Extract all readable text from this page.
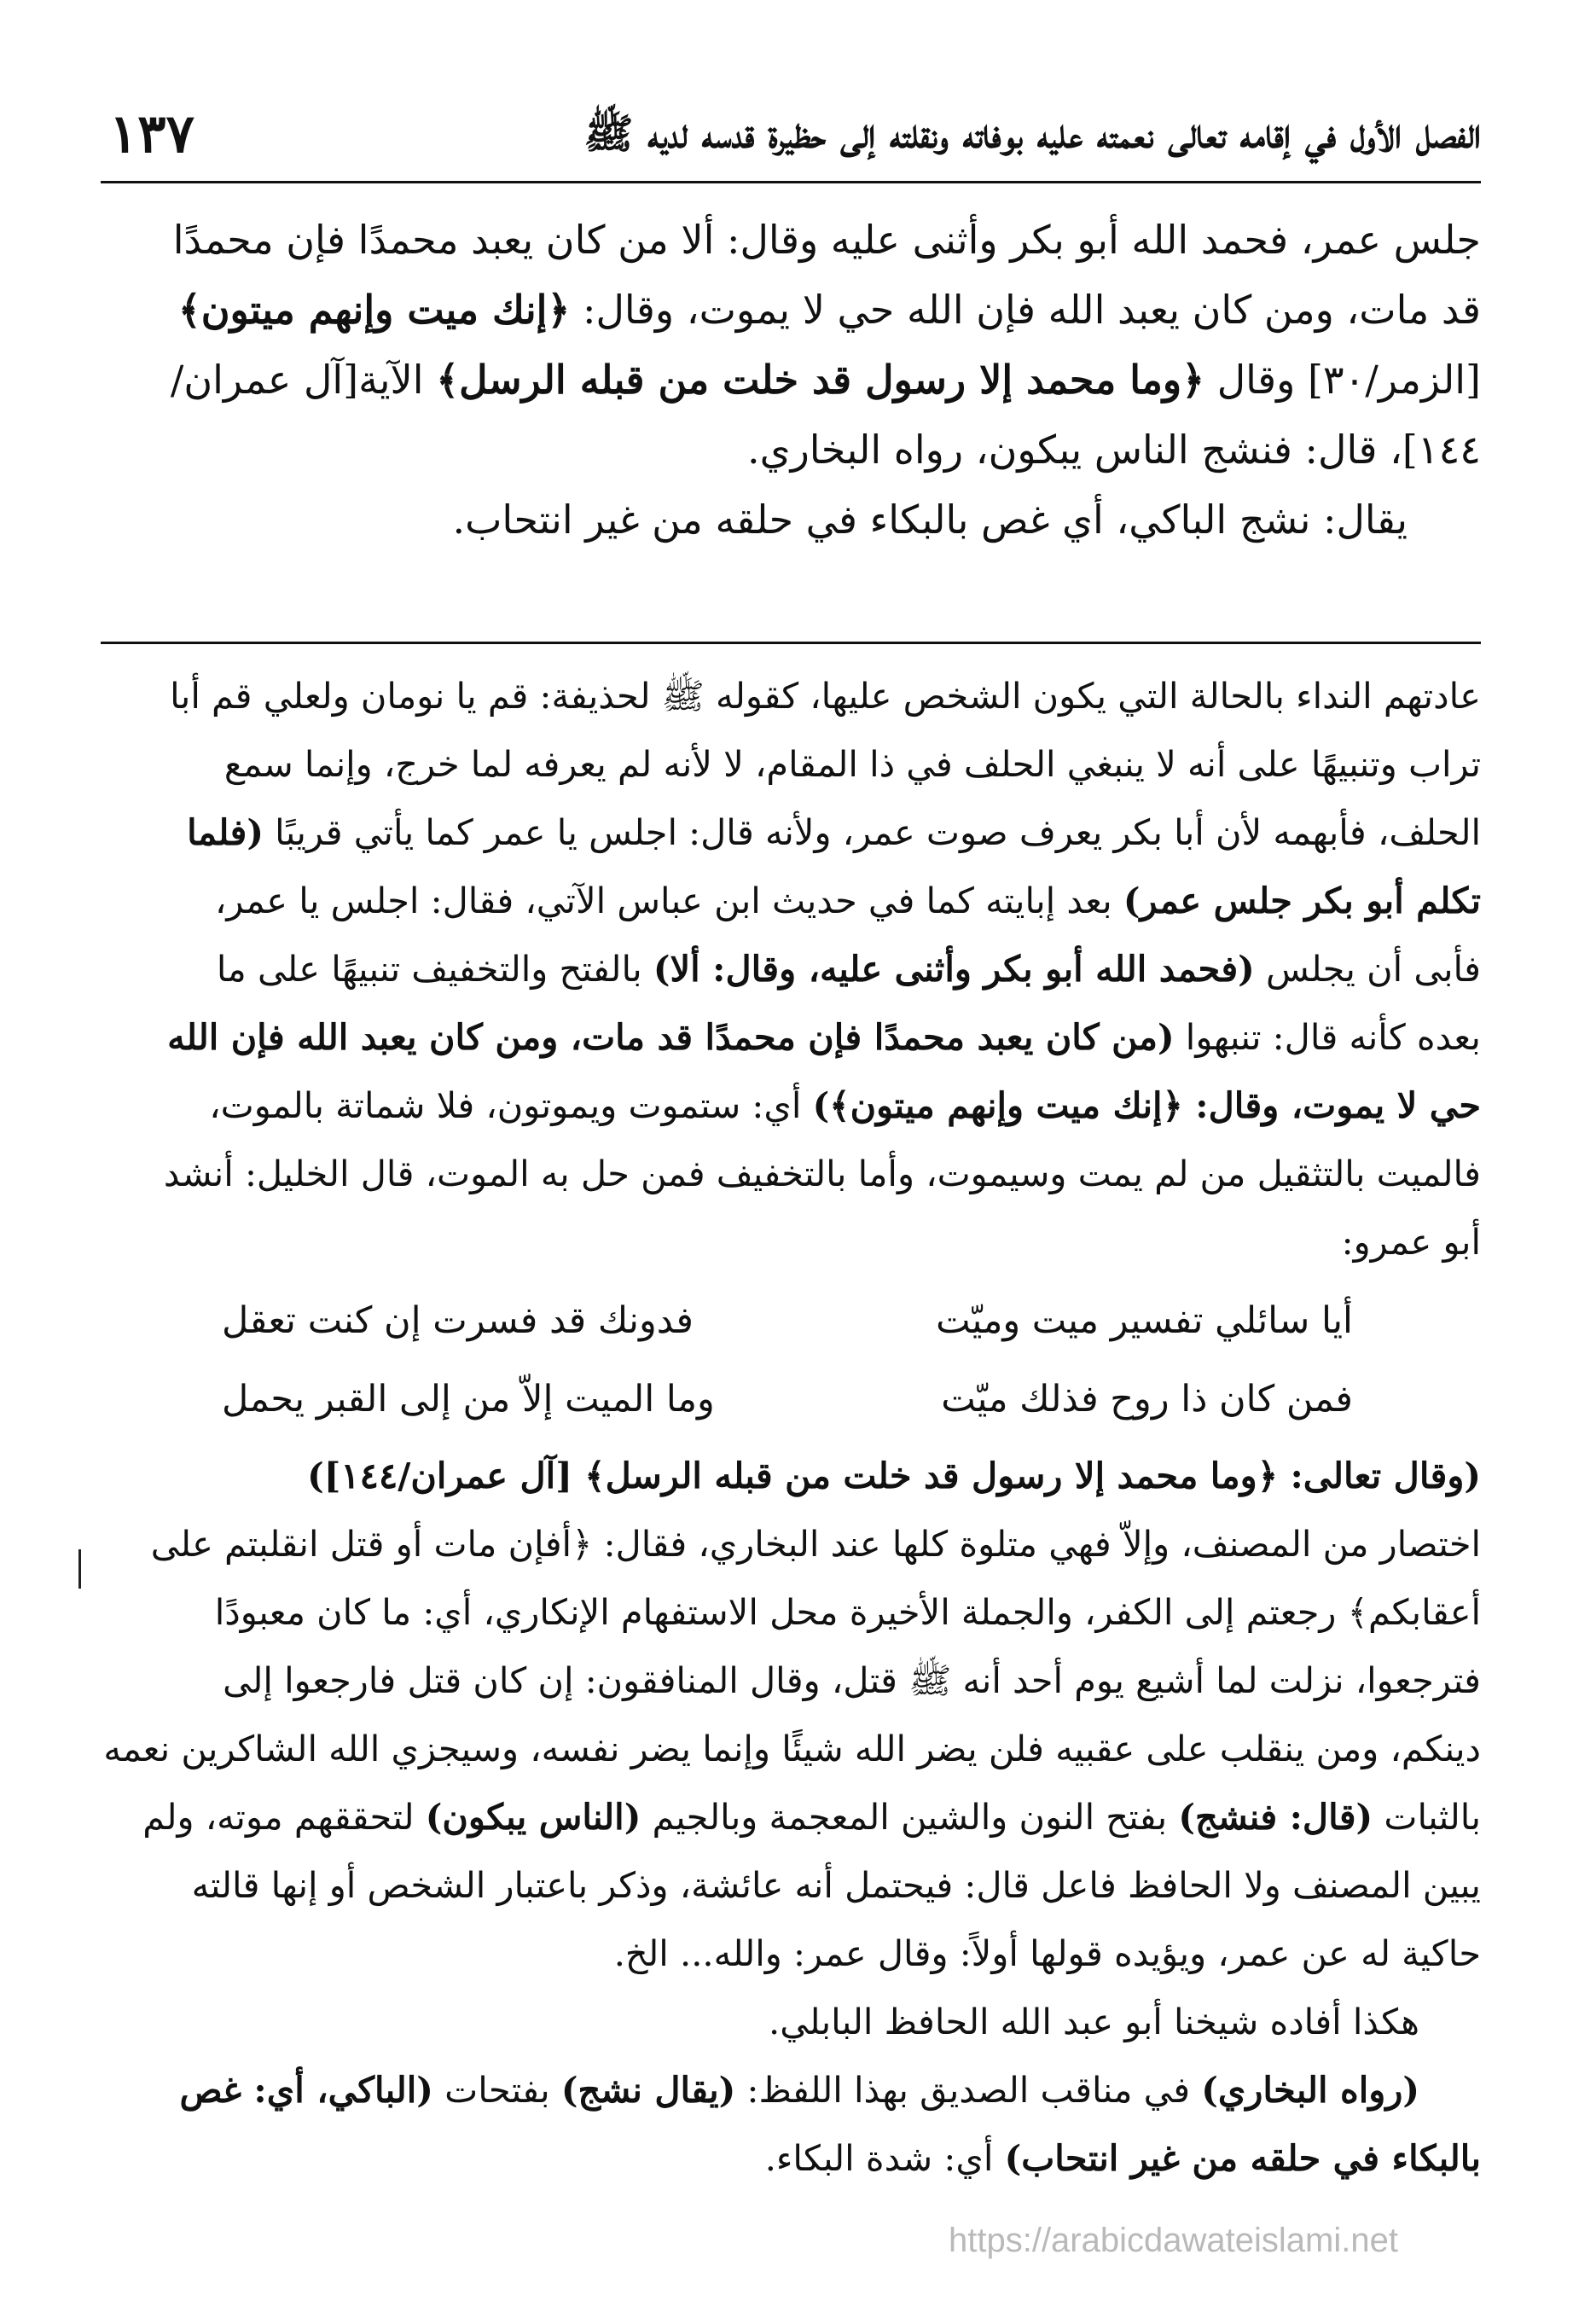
الفصل الأول في إقامه تعالى نعمته عليه بوفاته ونقلته إلى حظيرة قدسه لديه ﷺ
١٣٧

جلس عمر، فحمد الله أبو بكر وأثنى عليه وقال: ألا من كان يعبد محمدًا فإن محمدًا

قد مات، ومن كان يعبد الله فإن الله حي لا يموت، وقال: ﴿إنك ميت وإنهم ميتون﴾

[الزمر/٣٠] وقال ﴿وما محمد إلا رسول قد خلت من قبله الرسل﴾ الآية[آل عمران/

١٤٤]، قال: فنشج الناس يبكون، رواه البخاري.

يقال: نشج الباكي، أي غص بالبكاء في حلقه من غير انتحاب.

عادتهم النداء بالحالة التي يكون الشخص عليها، كقوله ﷺ لحذيفة: قم يا نومان ولعلي قم أبا

تراب وتنبيهًا على أنه لا ينبغي الحلف في ذا المقام، لا لأنه لم يعرفه لما خرج، وإنما سمع

الحلف، فأبهمه لأن أبا بكر يعرف صوت عمر، ولأنه قال: اجلس يا عمر كما يأتي قريبًا (فلما

تكلم أبو بكر جلس عمر) بعد إبايته كما في حديث ابن عباس الآتي، فقال: اجلس يا عمر،

فأبى أن يجلس (فحمد الله أبو بكر وأثنى عليه، وقال: ألا) بالفتح والتخفيف تنبيهًا على ما

بعده كأنه قال: تنبهوا (من كان يعبد محمدًا فإن محمدًا قد مات، ومن كان يعبد الله فإن الله

حي لا يموت، وقال: ﴿إنك ميت وإنهم ميتون﴾) أي: ستموت ويموتون، فلا شماتة بالموت،

فالميت بالتثقيل من لم يمت وسيموت، وأما بالتخفيف فمن حل به الموت، قال الخليل: أنشد

أبو عمرو:

أيا سائلي تفسير ميت وميّت
فدونك قد فسرت إن كنت تعقل
فمن كان ذا روح فذلك ميّت
وما الميت إلاّ من إلى القبر يحمل

(وقال تعالى: ﴿وما محمد إلا رسول قد خلت من قبله الرسل﴾ [آل عمران/١٤٤])

اختصار من المصنف، وإلاّ فهي متلوة كلها عند البخاري، فقال: ﴿أفإن مات أو قتل انقلبتم على

أعقابكم﴾ رجعتم إلى الكفر، والجملة الأخيرة محل الاستفهام الإنكاري، أي: ما كان معبودًا

فترجعوا، نزلت لما أشيع يوم أحد أنه ﷺ قتل، وقال المنافقون: إن كان قتل فارجعوا إلى

دينكم، ومن ينقلب على عقبيه فلن يضر الله شيئًا وإنما يضر نفسه، وسيجزي الله الشاكرين نعمه

بالثبات (قال: فنشج) بفتح النون والشين المعجمة وبالجيم (الناس يبكون) لتحققهم موته، ولم

يبين المصنف ولا الحافظ فاعل قال: فيحتمل أنه عائشة، وذكر باعتبار الشخص أو إنها قالته

حاكية له عن عمر، ويؤيده قولها أولاً: وقال عمر: والله... الخ.

هكذا أفاده شيخنا أبو عبد الله الحافظ البابلي.

(رواه البخاري) في مناقب الصديق بهذا اللفظ: (يقال نشج) بفتحات (الباكي، أي: غص

بالبكاء في حلقه من غير انتحاب) أي: شدة البكاء.

https://arabicdawateislami.net
